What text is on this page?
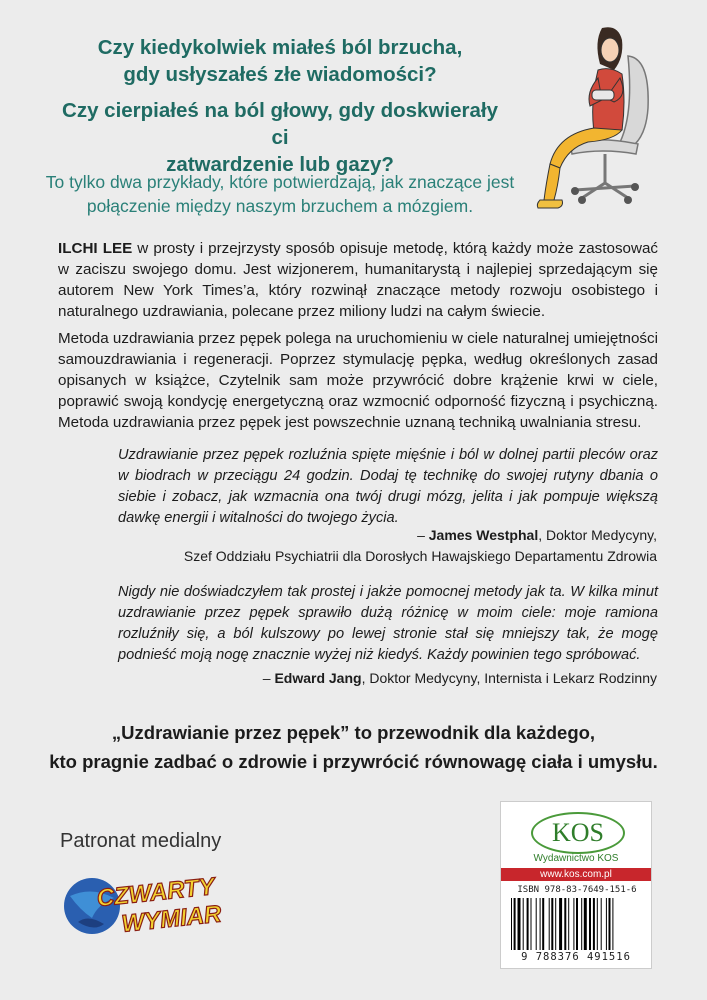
Czy kiedykolwiek miałeś ból brzucha,
gdy usłyszałeś złe wiadomości?
Czy cierpiałeś na ból głowy, gdy doskwierały ci
zatwardzenie lub gazy?
To tylko dwa przykłady, które potwierdzają, jak znaczące jest
połączenie między naszym brzuchem a mózgiem.
ILCHI LEE w prosty i przejrzysty sposób opisuje metodę, którą każdy może zastosować w zaciszu swojego domu. Jest wizjonerem, humanitarystą i najlepiej sprzedającym się autorem New York Times’a, który rozwinął znaczące metody rozwoju osobistego i naturalnego uzdrawiania, polecane przez miliony ludzi na całym świecie.
Metoda uzdrawiania przez pępek polega na uruchomieniu w ciele naturalnej umiejętności samouzdrawiania i regeneracji. Poprzez stymulację pępka, według określonych zasad opisanych w książce, Czytelnik sam może przywrócić dobre krążenie krwi w ciele, poprawić swoją kondycję energetyczną oraz wzmocnić odporność fizyczną i psychiczną. Metoda uzdrawiania przez pępek jest powszechnie uznaną techniką uwalniania stresu.
Uzdrawianie przez pępek rozluźnia spięte mięśnie i ból w dolnej partii pleców oraz w biodrach w przeciągu 24 godzin. Dodaj tę technikę do swojej rutyny dbania o siebie i zobacz, jak wzmacnia ona twój drugi mózg, jelita i jak pompuje większą dawkę energii i witalności do twojego życia.
– James Westphal, Doktor Medycyny,
Szef Oddziału Psychiatrii dla Dorosłych Hawajskiego Departamentu Zdrowia
Nigdy nie doświadczyłem tak prostej i jakże pomocnej metody jak ta. W kilka minut uzdrawianie przez pępek sprawiło dużą różnicę w moim ciele: moje ramiona rozluźniły się, a ból kulszowy po lewej stronie stał się mniejszy tak, że mogę podnieść moją nogę znacznie wyżej niż kiedyś. Każdy powinien tego spróbować.
– Edward Jang, Doktor Medycyny, Internista i Lekarz Rodzinny
„Uzdrawianie przez pępek” to przewodnik dla każdego,
kto pragnie zadbać o zdrowie i przywrócić równowagę ciała i umysłu.
Patronat medialny
CZWARTY
WYMIAR
KOS
Wydawnictwo KOS
www.kos.com.pl
ISBN 978-83-7649-151-6
9 788376 491516
